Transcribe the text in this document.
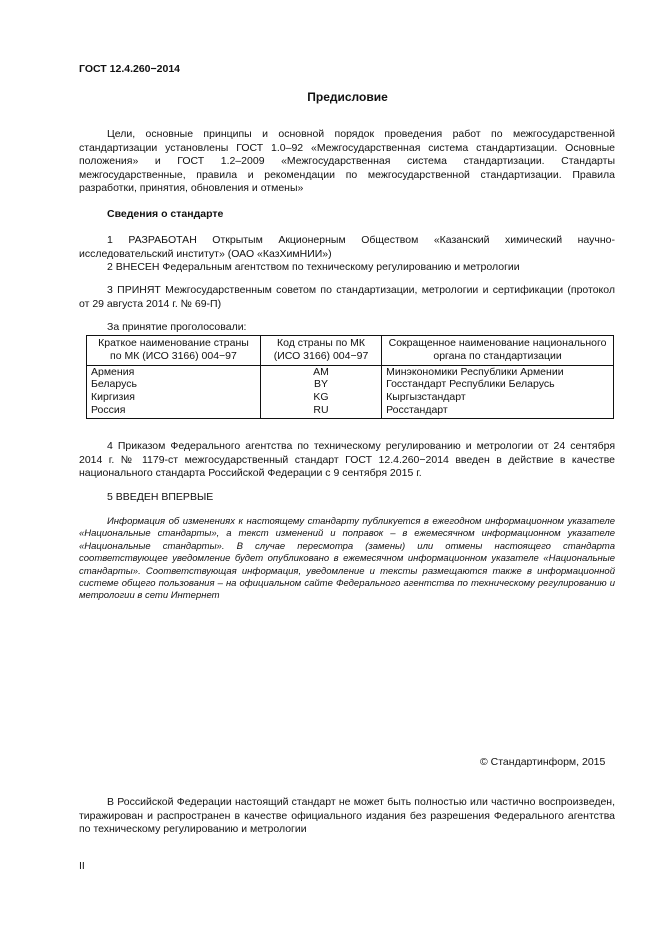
ГОСТ 12.4.260−2014
Предисловие
Цели, основные принципы и основной порядок проведения работ по межгосударственной стандартизации установлены ГОСТ 1.0–92 «Межгосударственная система стандартизации. Основные положения» и ГОСТ 1.2–2009 «Межгосударственная система стандартизации. Стандарты межгосударственные, правила и рекомендации по межгосударственной стандартизации. Правила разработки, принятия, обновления и отмены»
Сведения о стандарте
1 РАЗРАБОТАН Открытым Акционерным Обществом «Казанский химический научно-исследовательский институт» (ОАО «КазХимНИИ»)
2 ВНЕСЕН Федеральным агентством по техническому регулированию и метрологии
3 ПРИНЯТ Межгосударственным советом по стандартизации, метрологии и сертификации (протокол от 29 августа 2014 г. № 69-П)
За принятие проголосовали:
Краткое наименование страны по МК (ИСО 3166) 004−97	Код страны по МК (ИСО 3166) 004−97	Сокращенное наименование национального органа по стандартизации
Армения	AM	Минэкономики Республики Армении
Беларусь	BY	Госстандарт Республики Беларусь
Киргизия	KG	Кыргызстандарт
Россия	RU	Росстандарт
4 Приказом Федерального агентства по техническому регулированию и метрологии от 24 сентября 2014 г. № 1179-ст межгосударственный стандарт ГОСТ 12.4.260−2014 введен в действие в качестве национального стандарта Российской Федерации с 9 сентября 2015 г.
5 ВВЕДЕН ВПЕРВЫЕ
Информация об изменениях к настоящему стандарту публикуется в ежегодном информационном указателе «Национальные стандарты», а текст изменений и поправок – в ежемесячном информационном указателе «Национальные стандарты». В случае пересмотра (замены) или отмены настоящего стандарта соответствующее уведомление будет опубликовано в ежемесячном информационном указателе «Национальные стандарты». Соответствующая информация, уведомление и тексты размещаются также в информационной системе общего пользования – на официальном сайте Федерального агентства по техническому регулированию и метрологии в сети Интернет
© Стандартинформ, 2015
В Российской Федерации настоящий стандарт не может быть полностью или частично воспроизведен, тиражирован и распространен в качестве официального издания без разрешения Федерального агентства по техническому регулированию и метрологии
II
